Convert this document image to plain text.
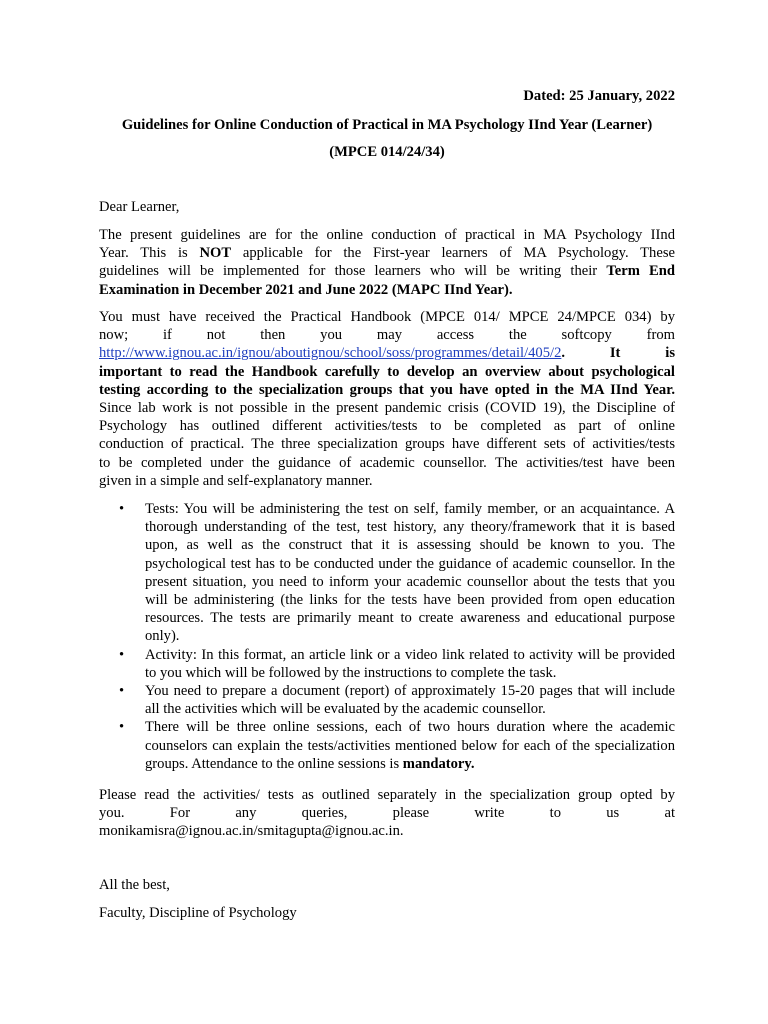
Dated: 25 January, 2022
Guidelines for Online Conduction of Practical in MA Psychology IInd Year (Learner)
(MPCE 014/24/34)
Dear Learner,
The present guidelines are for the online conduction of practical in MA Psychology IInd
Year. This is NOT applicable for the First-year learners of MA Psychology. These
guidelines will be implemented for those learners who will be writing their Term End
Examination in December 2021 and June 2022 (MAPC IInd Year).
You must have received the Practical Handbook (MPCE 014/ MPCE 24/MPCE 034) by
now; if not then you may access the softcopy from
http://www.ignou.ac.in/ignou/aboutignou/school/soss/programmes/detail/405/2. It is
important to read the Handbook carefully to develop an overview about psychological
testing according to the specialization groups that you have opted in the MA IInd Year.
Since lab work is not possible in the present pandemic crisis (COVID 19), the Discipline of
Psychology has outlined different activities/tests to be completed as part of online
conduction of practical. The three specialization groups have different sets of activities/tests
to be completed under the guidance of academic counsellor. The activities/test have been
given in a simple and self-explanatory manner.
• Tests: You will be administering the test on self, family member, or an acquaintance. A thorough understanding of the test, test history, any theory/framework that it is based upon, as well as the construct that it is assessing should be known to you. The psychological test has to be conducted under the guidance of academic counsellor. In the present situation, you need to inform your academic counsellor about the tests that you will be administering (the links for the tests have been provided from open education resources. The tests are primarily meant to create awareness and educational purpose only).
• Activity: In this format, an article link or a video link related to activity will be provided to you which will be followed by the instructions to complete the task.
• You need to prepare a document (report) of approximately 15-20 pages that will include all the activities which will be evaluated by the academic counsellor.
• There will be three online sessions, each of two hours duration where the academic counselors can explain the tests/activities mentioned below for each of the specialization groups. Attendance to the online sessions is mandatory.
Please read the activities/ tests as outlined separately in the specialization group opted by
you. For any queries, please write to us at
monikamisra@ignou.ac.in/smitagupta@ignou.ac.in.
All the best,
Faculty, Discipline of Psychology
